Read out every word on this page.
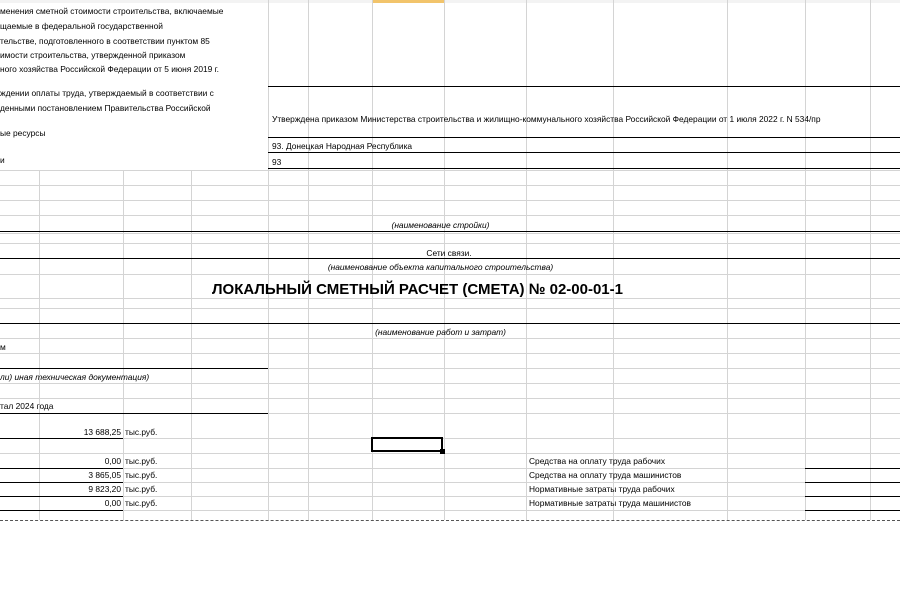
менения сметной стоимости строительства, включаемые
щаемые в федеральной государственной
тельстве, подготовленного в соответствии пунктом 85
имости строительства, утвержденной приказом
ного хозяйства Российской Федерации от 5 июня 2019 г.
ждении оплаты труда, утверждаемый в соответствии с
денными постановлением Правительства Российской
Утверждена приказом Министерства строительства и жилищно-коммунального хозяйства Российской Федерации от 1 июля 2022 г. N 534/пр
ые ресурсы
93. Донецкая Народная Республика
и	93
(наименование стройки)
Сети связи.
(наименование объекта капитального строительства)
ЛОКАЛЬНЫЙ СМЕТНЫЙ РАСЧЕТ (СМЕТА) № 02-00-01-1
(наименование работ и затрат)
м
ли) иная техническая документация)
тал 2024 года
13 688,25 тыс.руб.
0,00 тыс.руб.
3 865,05 тыс.руб.
9 823,20 тыс.руб.
0,00 тыс.руб.
Средства на оплату труда рабочих
Средства на оплату труда машинистов
Нормативные затраты труда рабочих
Нормативные затраты труда машинистов
